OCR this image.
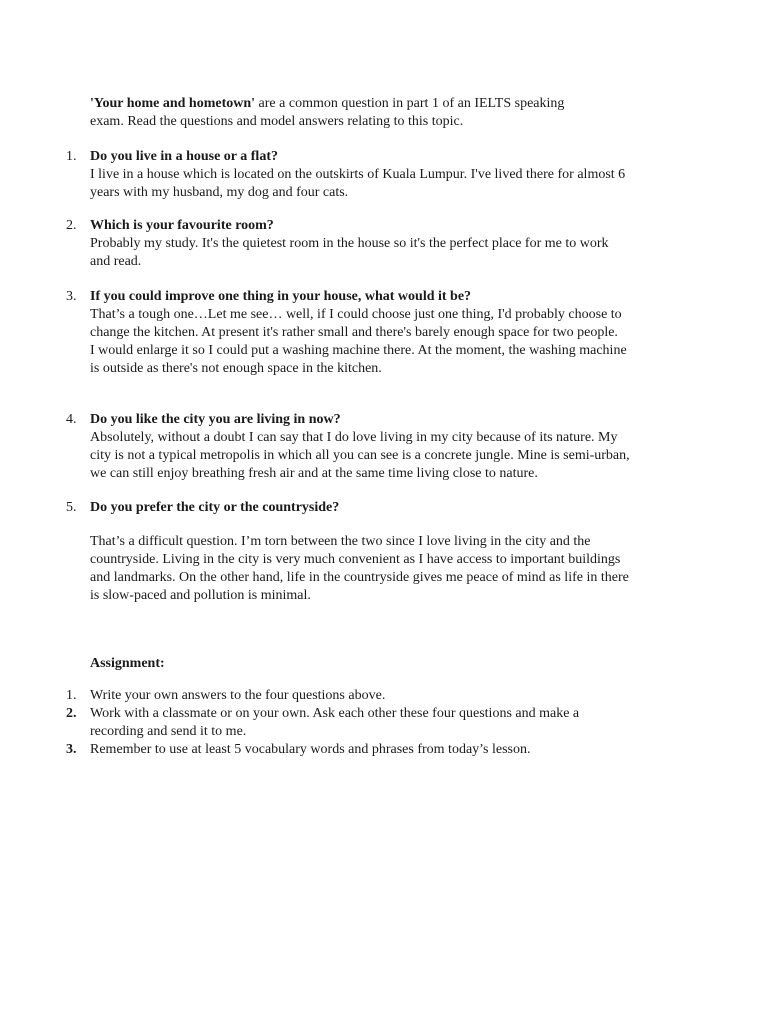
'Your home and hometown' are a common question in part 1 of an IELTS speaking
exam. Read the questions and model answers relating to this topic.
1. Do you live in a house or a flat?
I live in a house which is located on the outskirts of Kuala Lumpur. I've lived there for almost 6
years with my husband, my dog and four cats.
2. Which is your favourite room?
Probably my study. It's the quietest room in the house so it's the perfect place for me to work
and read.
3. If you could improve one thing in your house, what would it be?
That’s a tough one…Let me see… well, if I could choose just one thing, I'd probably choose to
change the kitchen. At present it's rather small and there's barely enough space for two people.
I would enlarge it so I could put a washing machine there. At the moment, the washing machine
is outside as there's not enough space in the kitchen.
4. Do you like the city you are living in now?
Absolutely, without a doubt I can say that I do love living in my city because of its nature. My
city is not a typical metropolis in which all you can see is a concrete jungle. Mine is semi-urban,
we can still enjoy breathing fresh air and at the same time living close to nature.
5. Do you prefer the city or the countryside?
That’s a difficult question. I’m torn between the two since I love living in the city and the
countryside. Living in the city is very much convenient as I have access to important buildings
and landmarks. On the other hand, life in the countryside gives me peace of mind as life in there
is slow-paced and pollution is minimal.
Assignment:
1. Write your own answers to the four questions above.
2. Work with a classmate or on your own. Ask each other these four questions and make a
recording and send it to me.
3. Remember to use at least 5 vocabulary words and phrases from today’s lesson.
